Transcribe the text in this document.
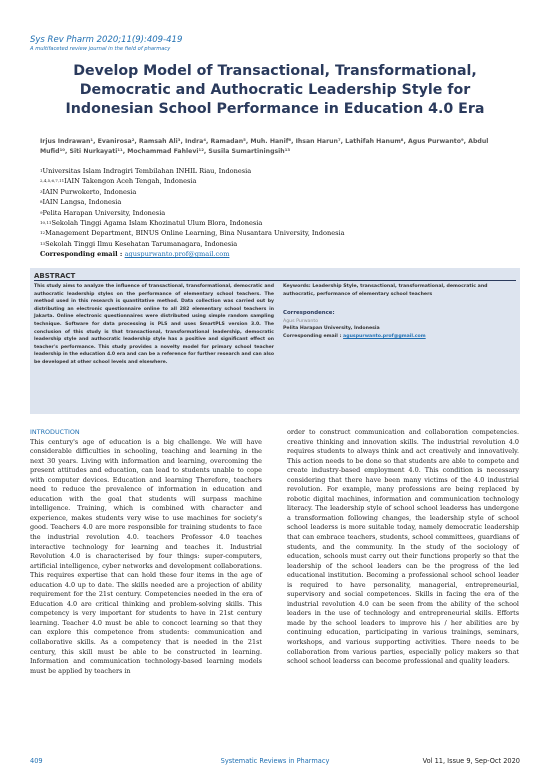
Sys Rev Pharm 2020;11(9):409-419
A multifaceted review journal in the field of pharmacy
Develop Model of Transactional, Transformational, Democratic and Authocratic Leadership Style for Indonesian School Performance in Education 4.0 Era
Irjus Indrawan¹, Evanirosa², Ramsah Ali³, Indra⁴, Ramadan⁵, Muh. Hanif⁶, Ihsan Harun⁷, Lathifah Hanum⁸, Agus Purwanto⁹, Abdul Mufid¹⁰, Siti Nurkayati¹¹, Mochammad Fahlevi¹², Susila Sumartiningsih¹³
$^1$Universitas Islam Indragiri Tembilahan INHIL Riau, Indonesia
$^{2,4,5,6,7,11}$IAIN Takengon Aceh Tengah, Indonesia
$^3$IAIN Purwokerto, Indonesia
$^8$IAIN Langsa, Indonesia
$^9$Pelita Harapan University, Indonesia
$^{10,11}$Sekolah Tinggi Agama Islam Khozinatul Ulum Blora, Indonesia
$^{12}$Management Department, BINUS Online Learning, Bina Nusantara University, Indonesia
$^{13}$Sekolah Tinggi Ilmu Kesehatan Tarumanagara, Indonesia
Corresponding email : aguspurwanto.prof@gmail.com
ABSTRACT
This study aims to analyze the influence of transactional, transformational, democratic and authocratic leadership styles on the performance of elementary school teachers. The method used in this research is quantitative method. Data collection was carried out by distributing an electronic questionnaire online to all 282 elementary school teachers in Jakarta. Online electronic questionnaires were distributed using simple random sampling technique. Software for data processing is PLS and uses SmartPLS version 3.0. The conclusion of this study is that transactional, transformational leadership, democratic leadership style and authocratic leadership style has a positive and significant effect on teacher's performance. This study provides a novelty model for primary school teacher leadership in the education 4.0 era and can be a reference for further research and can also be developed at other school levels and elsewhere.
Keywords: Leadership Style, transactional, transformational, democratic and authocratic, performance of elementary school teachers
Correspondence:
Agus Purwanto
Pelita Harapan University, Indonesia
Corresponding email : aguspurwanto.prof@gmail.com
INTRODUCTION
This century's age of education is a big challenge. We will have considerable difficulties in schooling, teaching and learning in the next 30 years. Living with information and learning, overcoming the present attitudes and education, can lead to students unable to cope with computer devices. Education and learning Therefore, teachers need to reduce the prevalence of information in education and education with the goal that students will surpass machine intelligence. Training, which is combined with character and experience, makes students very wise to use machines for society's good. Teachers 4.0 are more responsible for training students to face the industrial revolution 4.0. teachers Professor 4.0 teaches interactive technology for learning and teaches it. Industrial Revolution 4.0 is characterised by four things: super-computers, artificial intelligence, cyber networks and development collaborations. This requires expertise that can hold these four items in the age of education 4.0 up to date. The skills needed are a projection of ability requirement for the 21st century. Competencies needed in the era of Education 4.0 are critical thinking and problem-solving skills. This competency is very important for students to have in 21st century learning. Teacher 4.0 must be able to concoct learning so that they can explore this competence from students: communication and collaborative skills. As a competency that is needed in the 21st century, this skill must be able to be constructed in learning. Information and communication technology-based learning models must be applied by teachers in
order to construct communication and collaboration competencies. creative thinking and innovation skills. The industrial revolution 4.0 requires students to always think and act creatively and innovatively. This action needs to be done so that students are able to compete and create industry-based employment 4.0. This condition is necessary considering that there have been many victims of the 4.0 industrial revolution. For example, many professions are being replaced by robotic digital machines, information and communication technology literacy. The leadership style of school school leaderss has undergone a transformation following changes, the leadership style of school school leaderss is more suitable today, namely democratic leadership that can embrace teachers, students, school committees, guardians of students, and the community. In the study of the sociology of education, schools must carry out their functions properly so that the leadership of the school leaders can be the progress of the led educational institution. Becoming a professional school school leader is required to have personality, managerial, entrepreneurial, supervisory and social competences. Skills in facing the era of the industrial revolution 4.0 can be seen from the ability of the school leaders in the use of technology and entrepreneurial skills. Efforts made by the school leaders to improve his / her abilities are by continuing education, participating in various trainings, seminars, workshops, and various supporting activities. There needs to be collaboration from various parties, especially policy makers so that school school leaderss can become professional and quality leaders.
Systematic Reviews in Pharmacy
409	Vol 11, Issue 9, Sep-Oct 2020
